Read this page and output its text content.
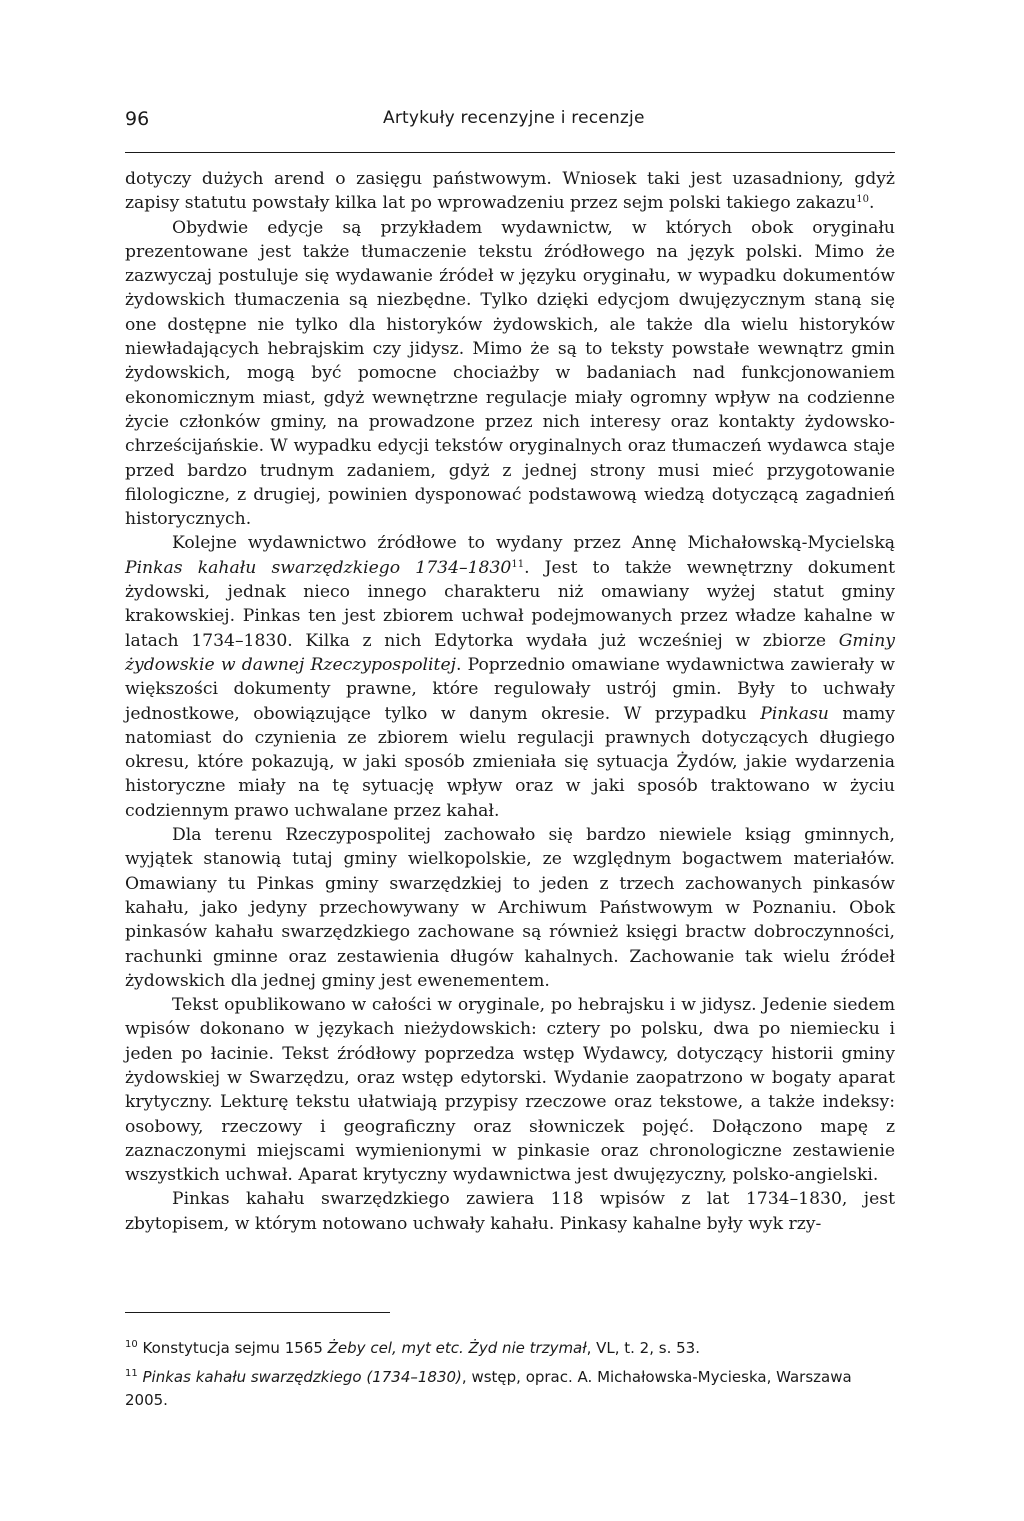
96	Artykuły recenzyjne i recenzje

dotyczy dużych arend o zasięgu państwowym. Wniosek taki jest uzasadniony, gdyż zapisy statutu powstały kilka lat po wprowadzeniu przez sejm polski takiego zakazu$^{10}$.

Obydwie edycje są przykładem wydawnictw, w których obok oryginału prezentowane jest także tłumaczenie tekstu źródłowego na język polski. Mimo że zazwyczaj postuluje się wydawanie źródeł w języku oryginału, w wypadku dokumentów żydowskich tłumaczenia są niezbędne. Tylko dzięki edycjom dwujęzycznym staną się one dostępne nie tylko dla historyków żydowskich, ale także dla wielu historyków niewładających hebrajskim czy jidysz. Mimo że są to teksty powstałe wewnątrz gmin żydowskich, mogą być pomocne chociażby w badaniach nad funkcjonowaniem ekonomicznym miast, gdyż wewnętrzne regulacje miały ogromny wpływ na codzienne życie członków gminy, na prowadzone przez nich interesy oraz kontakty żydowsko-chrześcijańskie. W wypadku edycji tekstów oryginalnych oraz tłumaczeń wydawca staje przed bardzo trudnym zadaniem, gdyż z jednej strony musi mieć przygotowanie filologiczne, z drugiej, powinien dysponować podstawową wiedzą dotyczącą zagadnień historycznych.

Kolejne wydawnictwo źródłowe to wydany przez Annę Michałowską-Mycielską Pinkas kahału swarzędzkiego 1734–1830$^{11}$. Jest to także wewnętrzny dokument żydowski, jednak nieco innego charakteru niż omawiany wyżej statut gminy krakowskiej. Pinkas ten jest zbiorem uchwał podejmowanych przez władze kahalne w latach 1734–1830. Kilka z nich Edytorka wydała już wcześniej w zbiorze Gminy żydowskie w dawnej Rzeczypospolitej. Poprzednio omawiane wydawnictwa zawierały w większości dokumenty prawne, które regulowały ustrój gmin. Były to uchwały jednostkowe, obowiązujące tylko w danym okresie. W przypadku Pinkasu mamy natomiast do czynienia ze zbiorem wielu regulacji prawnych dotyczących długiego okresu, które pokazują, w jaki sposób zmieniała się sytuacja Żydów, jakie wydarzenia historyczne miały na tę sytuację wpływ oraz w jaki sposób traktowano w życiu codziennym prawo uchwalane przez kahał.

Dla terenu Rzeczypospolitej zachowało się bardzo niewiele ksiąg gminnych, wyjątek stanowią tutaj gminy wielkopolskie, ze względnym bogactwem materiałów. Omawiany tu Pinkas gminy swarzędzkiej to jeden z trzech zachowanych pinkasów kahału, jako jedyny przechowywany w Archiwum Państwowym w Poznaniu. Obok pinkasów kahału swarzędzkiego zachowane są również księgi bractw dobroczynności, rachunki gminne oraz zestawienia długów kahalnych. Zachowanie tak wielu źródeł żydowskich dla jednej gminy jest ewenementem.

Tekst opublikowano w całości w oryginale, po hebrajsku i w jidysz. Jedenie siedem wpisów dokonano w językach nieżydowskich: cztery po polsku, dwa po niemiecku i jeden po łacinie. Tekst źródłowy poprzedza wstęp Wydawcy, dotyczący historii gminy żydowskiej w Swarzędzu, oraz wstęp edytorski. Wydanie zaopatrzono w bogaty aparat krytyczny. Lekturę tekstu ułatwiają przypisy rzeczowe oraz tekstowe, a także indeksy: osobowy, rzeczowy i geograficzny oraz słowniczek pojęć. Dołączono mapę z zaznaczonymi miejscami wymienionymi w pinkasie oraz chronologiczne zestawienie wszystkich uchwał. Aparat krytyczny wydawnictwa jest dwujęzyczny, polsko-angielski.

Pinkas kahału swarzędzkiego zawiera 118 wpisów z lat 1734–1830, jest zbytopisem, w którym notowano uchwały kahału. Pinkasy kahalne były wyk rzy-

$^{10}$ Konstytucja sejmu 1565 Żeby cel, myt etc. Żyd nie trzymał, VL, t. 2, s. 53.

$^{11}$ Pinkas kahału swarzędzkiego (1734–1830), wstęp, oprac. A. Michałowska-Mycieska, Warszawa 2005.
